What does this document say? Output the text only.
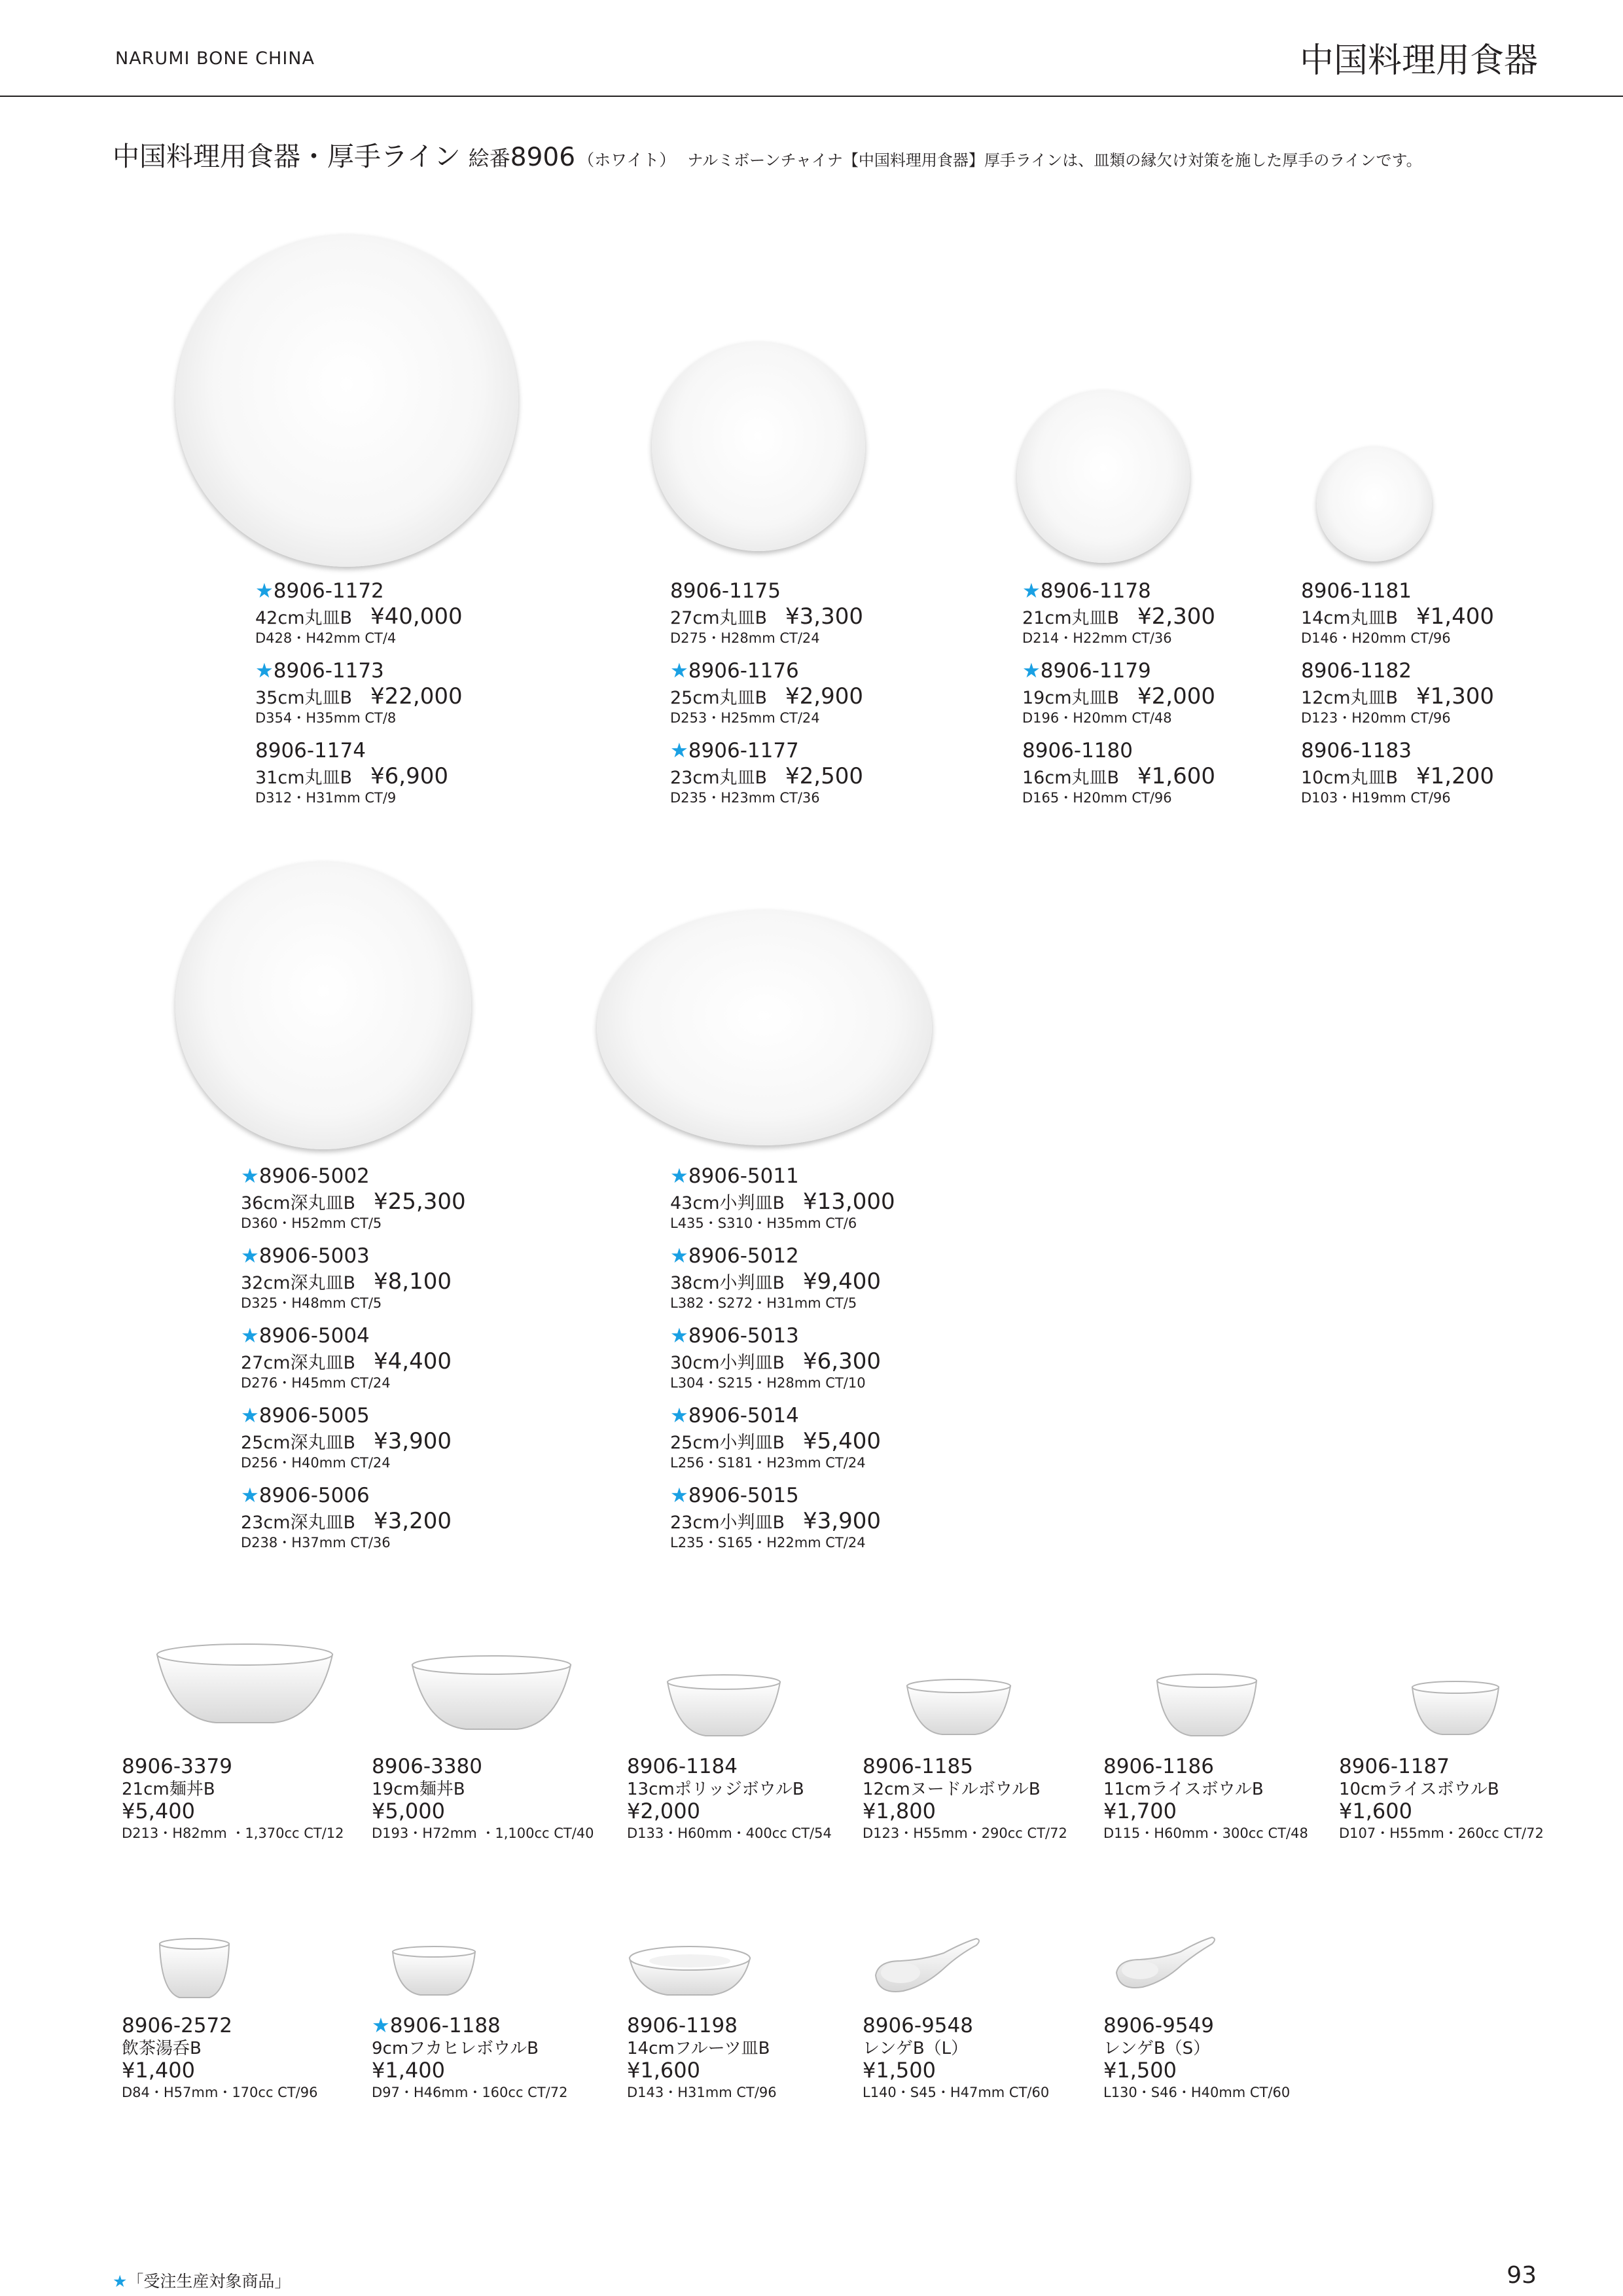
NARUMI BONE CHINA	中国料理用食器
中国料理用食器・厚手ライン 絵番8906 （ホワイト） ナルミボーンチャイナ【中国料理用食器】厚手ラインは、皿類の縁欠け対策を施した厚手のラインです。
★8906-1172
42cm丸皿B ¥40,000
D428・H42mm CT/4
★8906-1173
35cm丸皿B ¥22,000
D354・H35mm CT/8
8906-1174
31cm丸皿B ¥6,900
D312・H31mm CT/9
8906-1175
27cm丸皿B ¥3,300
D275・H28mm CT/24
★8906-1176
25cm丸皿B ¥2,900
D253・H25mm CT/24
★8906-1177
23cm丸皿B ¥2,500
D235・H23mm CT/36
★8906-1178
21cm丸皿B ¥2,300
D214・H22mm CT/36
★8906-1179
19cm丸皿B ¥2,000
D196・H20mm CT/48
8906-1180
16cm丸皿B ¥1,600
D165・H20mm CT/96
8906-1181
14cm丸皿B ¥1,400
D146・H20mm CT/96
8906-1182
12cm丸皿B ¥1,300
D123・H20mm CT/96
8906-1183
10cm丸皿B ¥1,200
D103・H19mm CT/96
★8906-5002
36cm深丸皿B ¥25,300
D360・H52mm CT/5
★8906-5003
32cm深丸皿B ¥8,100
D325・H48mm CT/5
★8906-5004
27cm深丸皿B ¥4,400
D276・H45mm CT/24
★8906-5005
25cm深丸皿B ¥3,900
D256・H40mm CT/24
★8906-5006
23cm深丸皿B ¥3,200
D238・H37mm CT/36
★8906-5011
43cm小判皿B ¥13,000
L435・S310・H35mm CT/6
★8906-5012
38cm小判皿B ¥9,400
L382・S272・H31mm CT/5
★8906-5013
30cm小判皿B ¥6,300
L304・S215・H28mm CT/10
★8906-5014
25cm小判皿B ¥5,400
L256・S181・H23mm CT/24
★8906-5015
23cm小判皿B ¥3,900
L235・S165・H22mm CT/24
8906-3379
21cm麺丼B
¥5,400
D213・H82mm ・1,370cc CT/12
8906-3380
19cm麺丼B
¥5,000
D193・H72mm ・1,100cc CT/40
8906-1184
13cmポリッジボウルB
¥2,000
D133・H60mm・400cc CT/54
8906-1185
12cmヌードルボウルB
¥1,800
D123・H55mm・290cc CT/72
8906-1186
11cmライスボウルB
¥1,700
D115・H60mm・300cc CT/48
8906-1187
10cmライスボウルB
¥1,600
D107・H55mm・260cc CT/72
8906-2572
飲茶湯呑B
¥1,400
D84・H57mm・170cc CT/96
★8906-1188
9cmフカヒレボウルB
¥1,400
D97・H46mm・160cc CT/72
8906-1198
14cmフルーツ皿B
¥1,600
D143・H31mm CT/96
8906-9548
レンゲB（L）
¥1,500
L140・S45・H47mm CT/60
8906-9549
レンゲB（S）
¥1,500
L130・S46・H40mm CT/60
★「受注生産対象商品」	93
